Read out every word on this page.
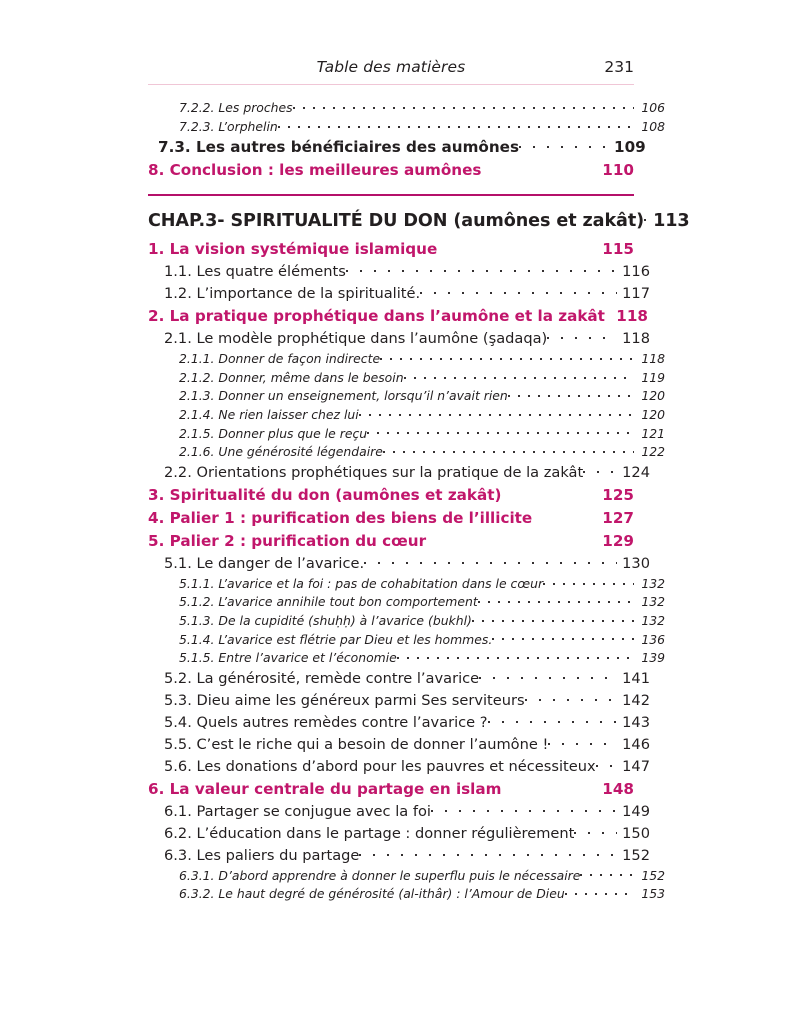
Table des matières	231
7.2.2. Les proches	106
7.2.3. L’orphelin	108
7.3. Les autres bénéficiaires des aumônes	109
8. Conclusion : les meilleures aumônes	110
CHAP.3- SPIRITUALITÉ DU DON (aumônes et zakât) 113
1. La vision systémique islamique	115
1.1. Les quatre éléments	116
1.2. L’importance de la spiritualité.	117
2. La pratique prophétique dans l’aumône et la zakât 118
2.1. Le modèle prophétique dans l’aumône (şadaqa)	118
2.1.1. Donner de façon indirecte	118
2.1.2. Donner, même dans le besoin	119
2.1.3. Donner un enseignement, lorsqu’il n’avait rien	120
2.1.4. Ne rien laisser chez lui	120
2.1.5. Donner plus que le reçu	121
2.1.6. Une générosité légendaire	122
2.2. Orientations prophétiques sur la pratique de la zakât	124
3. Spiritualité du don (aumônes et zakât)	125
4. Palier 1 : purification des biens de l’illicite	127
5. Palier 2 : purification du cœur	129
5.1. Le danger de l’avarice.	130
5.1.1. L’avarice et la foi : pas de cohabitation dans le cœur	132
5.1.2. L’avarice annihile tout bon comportement	132
5.1.3. De la cupidité (shuḥḥ) à l’avarice (bukhl)	132
5.1.4. L’avarice est flétrie par Dieu et les hommes.	136
5.1.5. Entre l’avarice et l’économie	139
5.2. La générosité, remède contre l’avarice	141
5.3. Dieu aime les généreux parmi Ses serviteurs	142
5.4. Quels autres remèdes contre l’avarice ?	143
5.5. C’est le riche qui a besoin de donner l’aumône !	146
5.6. Les donations d’abord pour les pauvres et nécessiteux	147
6. La valeur centrale du partage en islam	148
6.1. Partager se conjugue avec la foi	149
6.2. L’éducation dans le partage : donner régulièrement	150
6.3. Les paliers du partage	152
6.3.1. D’abord apprendre à donner le superflu puis le nécessaire	152
6.3.2. Le haut degré de générosité (al-ithâr) : l’Amour de Dieu	153
